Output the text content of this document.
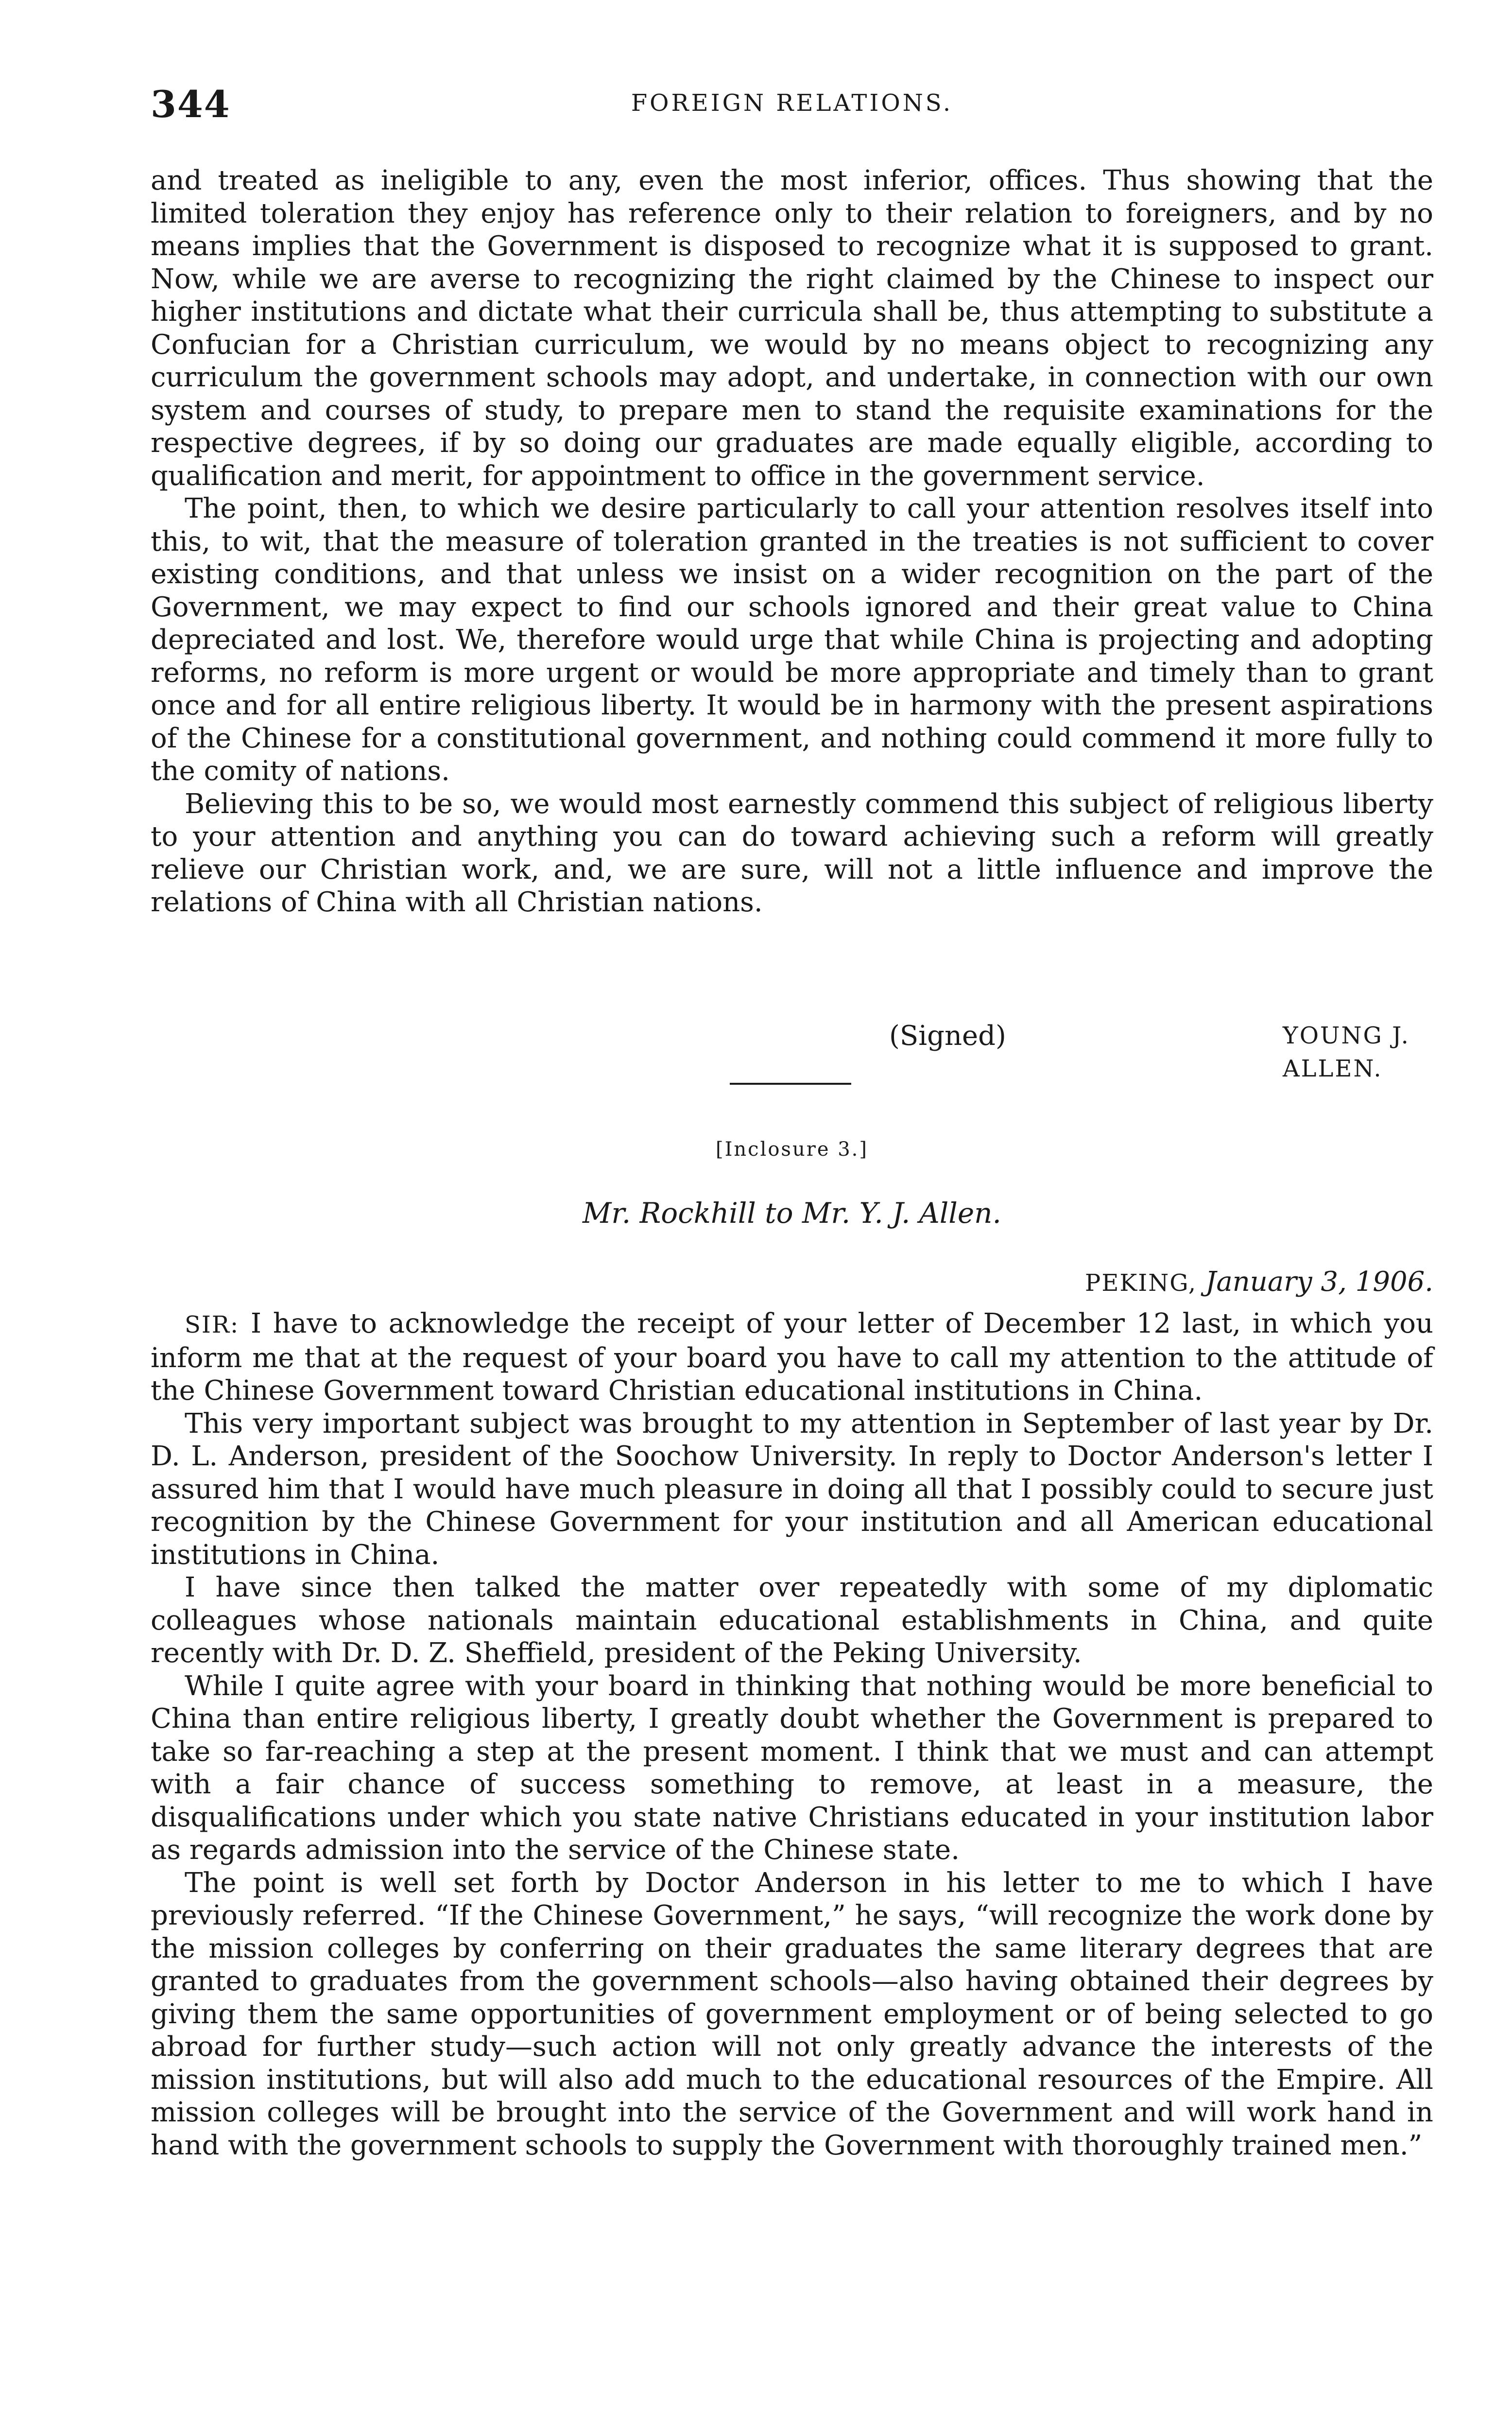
344	FOREIGN RELATIONS.

and treated as ineligible to any, even the most inferior, offices. Thus showing that the limited toleration they enjoy has reference only to their relation to foreigners, and by no means implies that the Government is disposed to recognize what it is supposed to grant. Now, while we are averse to recognizing the right claimed by the Chinese to inspect our higher institutions and dictate what their curricula shall be, thus attempting to substitute a Confucian for a Christian curriculum, we would by no means object to recognizing any curriculum the government schools may adopt, and undertake, in connection with our own system and courses of study, to prepare men to stand the requisite examinations for the respective degrees, if by so doing our graduates are made equally eligible, according to qualification and merit, for appointment to office in the government service.

The point, then, to which we desire particularly to call your attention resolves itself into this, to wit, that the measure of toleration granted in the treaties is not sufficient to cover existing conditions, and that unless we insist on a wider recognition on the part of the Government, we may expect to find our schools ignored and their great value to China depreciated and lost. We, therefore would urge that while China is projecting and adopting reforms, no reform is more urgent or would be more appropriate and timely than to grant once and for all entire religious liberty. It would be in harmony with the present aspirations of the Chinese for a constitutional government, and nothing could commend it more fully to the comity of nations.

Believing this to be so, we would most earnestly commend this subject of religious liberty to your attention and anything you can do toward achieving such a reform will greatly relieve our Christian work, and, we are sure, will not a little influence and improve the relations of China with all Christian nations.

(Signed)	YOUNG J. ALLEN.
[Inclosure 3.]
Mr. Rockhill to Mr. Y. J. Allen.
PEKING, January 3, 1906.

SIR: I have to acknowledge the receipt of your letter of December 12 last, in which you inform me that at the request of your board you have to call my attention to the attitude of the Chinese Government toward Christian educational institutions in China.

This very important subject was brought to my attention in September of last year by Dr. D. L. Anderson, president of the Soochow University. In reply to Doctor Anderson's letter I assured him that I would have much pleasure in doing all that I possibly could to secure just recognition by the Chinese Government for your institution and all American educational institutions in China.

I have since then talked the matter over repeatedly with some of my diplomatic colleagues whose nationals maintain educational establishments in China, and quite recently with Dr. D. Z. Sheffield, president of the Peking University.

While I quite agree with your board in thinking that nothing would be more beneficial to China than entire religious liberty, I greatly doubt whether the Government is prepared to take so far-reaching a step at the present moment. I think that we must and can attempt with a fair chance of success something to remove, at least in a measure, the disqualifications under which you state native Christians educated in your institution labor as regards admission into the service of the Chinese state.

The point is well set forth by Doctor Anderson in his letter to me to which I have previously referred. “If the Chinese Government,” he says, “will recognize the work done by the mission colleges by conferring on their graduates the same literary degrees that are granted to graduates from the government schools—also having obtained their degrees by giving them the same opportunities of government employment or of being selected to go abroad for further study—such action will not only greatly advance the interests of the mission institutions, but will also add much to the educational resources of the Empire. All mission colleges will be brought into the service of the Government and will work hand in hand with the government schools to supply the Government with thoroughly trained men.”
